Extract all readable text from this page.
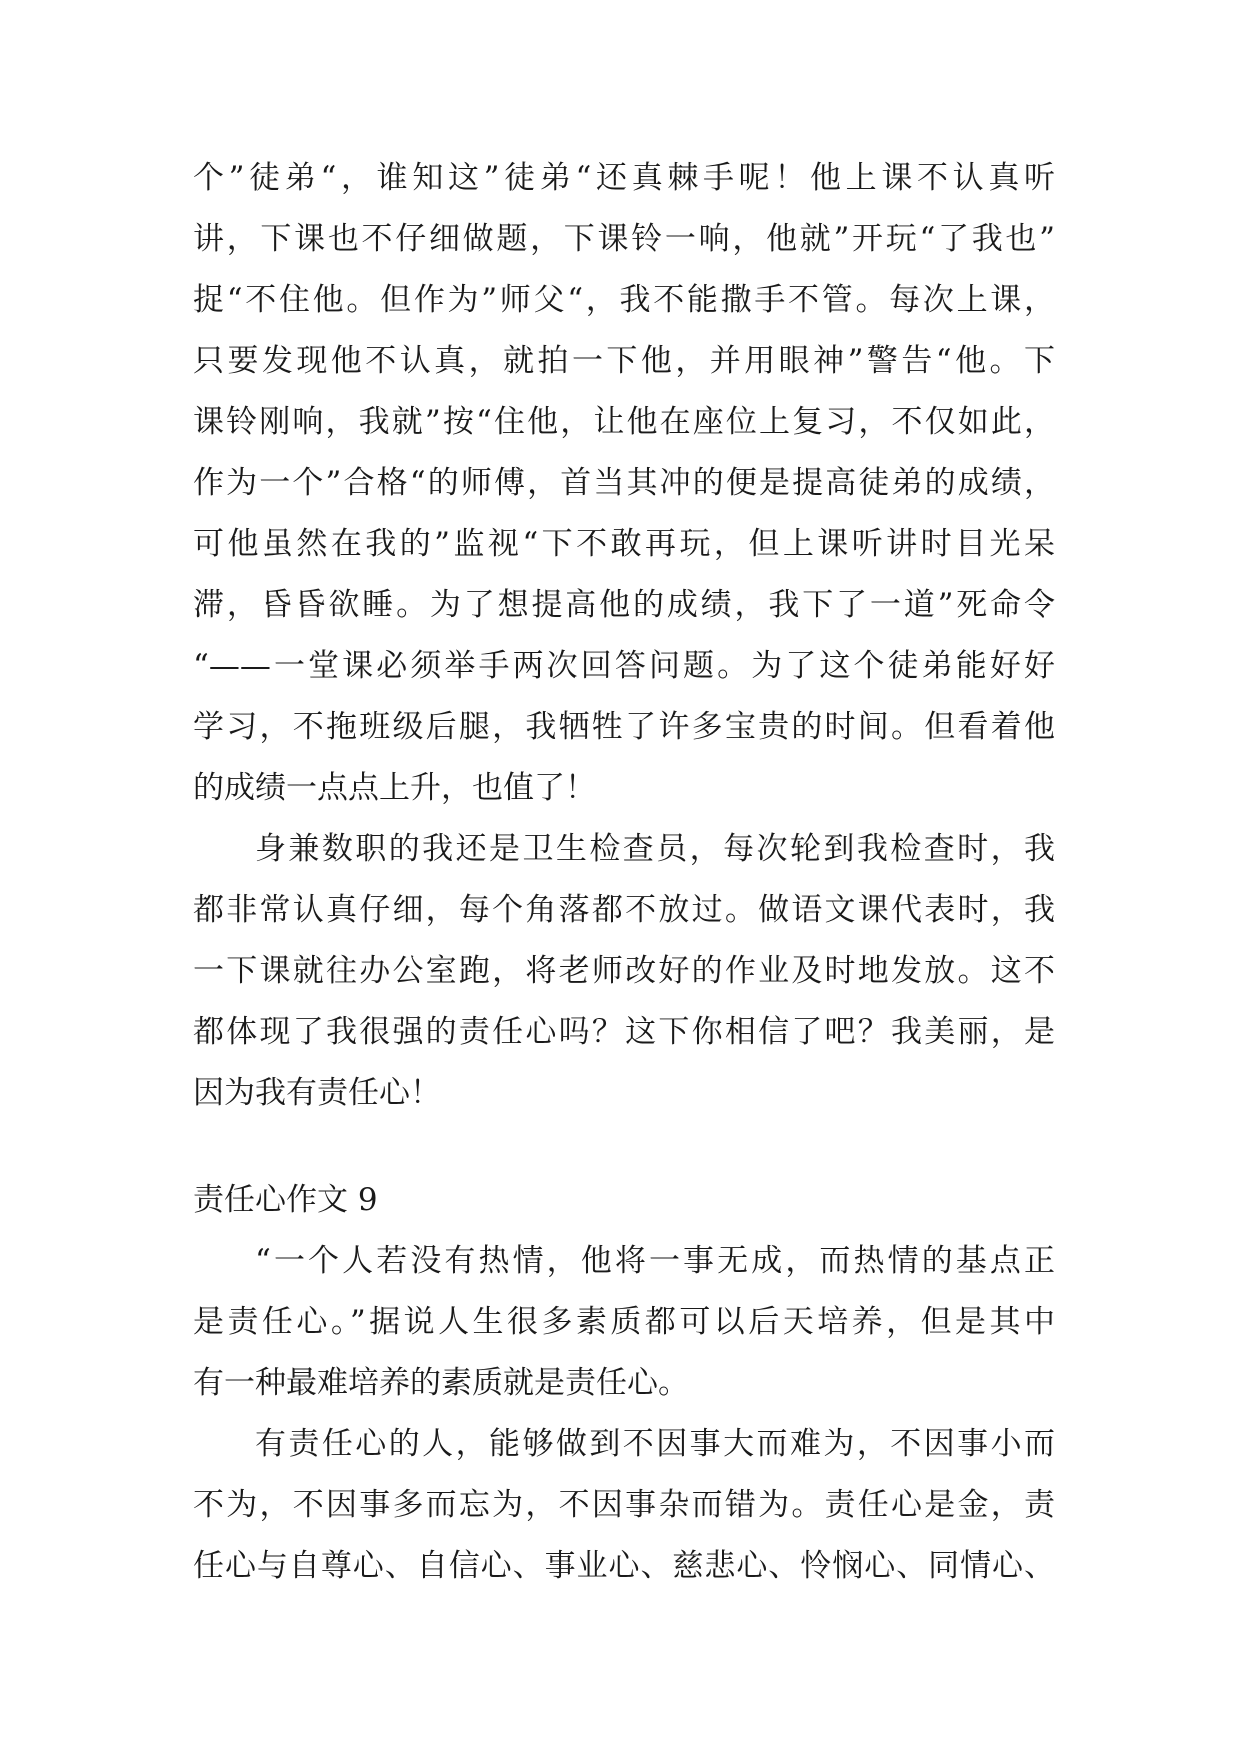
个”徒弟“，谁知这”徒弟“还真棘手呢！他上课不认真听
讲，下课也不仔细做题，下课铃一响，他就”开玩“了我也”
捉“不住他。但作为”师父“，我不能撒手不管。每次上课，
只要发现他不认真，就拍一下他，并用眼神”警告“他。下
课铃刚响，我就”按“住他，让他在座位上复习，不仅如此，
作为一个”合格“的师傅，首当其冲的便是提高徒弟的成绩，
可他虽然在我的”监视“下不敢再玩，但上课听讲时目光呆
滞，昏昏欲睡。为了想提高他的成绩，我下了一道”死命令
“——一堂课必须举手两次回答问题。为了这个徒弟能好好
学习，不拖班级后腿，我牺牲了许多宝贵的时间。但看着他
的成绩一点点上升，也值了！
身兼数职的我还是卫生检查员，每次轮到我检查时，我
都非常认真仔细，每个角落都不放过。做语文课代表时，我
一下课就往办公室跑，将老师改好的作业及时地发放。这不
都体现了我很强的责任心吗？这下你相信了吧？我美丽，是
因为我有责任心！
责任心作文 9
“一个人若没有热情，他将一事无成，而热情的基点正
是责任心。”据说人生很多素质都可以后天培养，但是其中
有一种最难培养的素质就是责任心。
有责任心的人，能够做到不因事大而难为，不因事小而
不为，不因事多而忘为，不因事杂而错为。责任心是金，责
任心与自尊心、自信心、事业心、慈悲心、怜悯心、同情心、
